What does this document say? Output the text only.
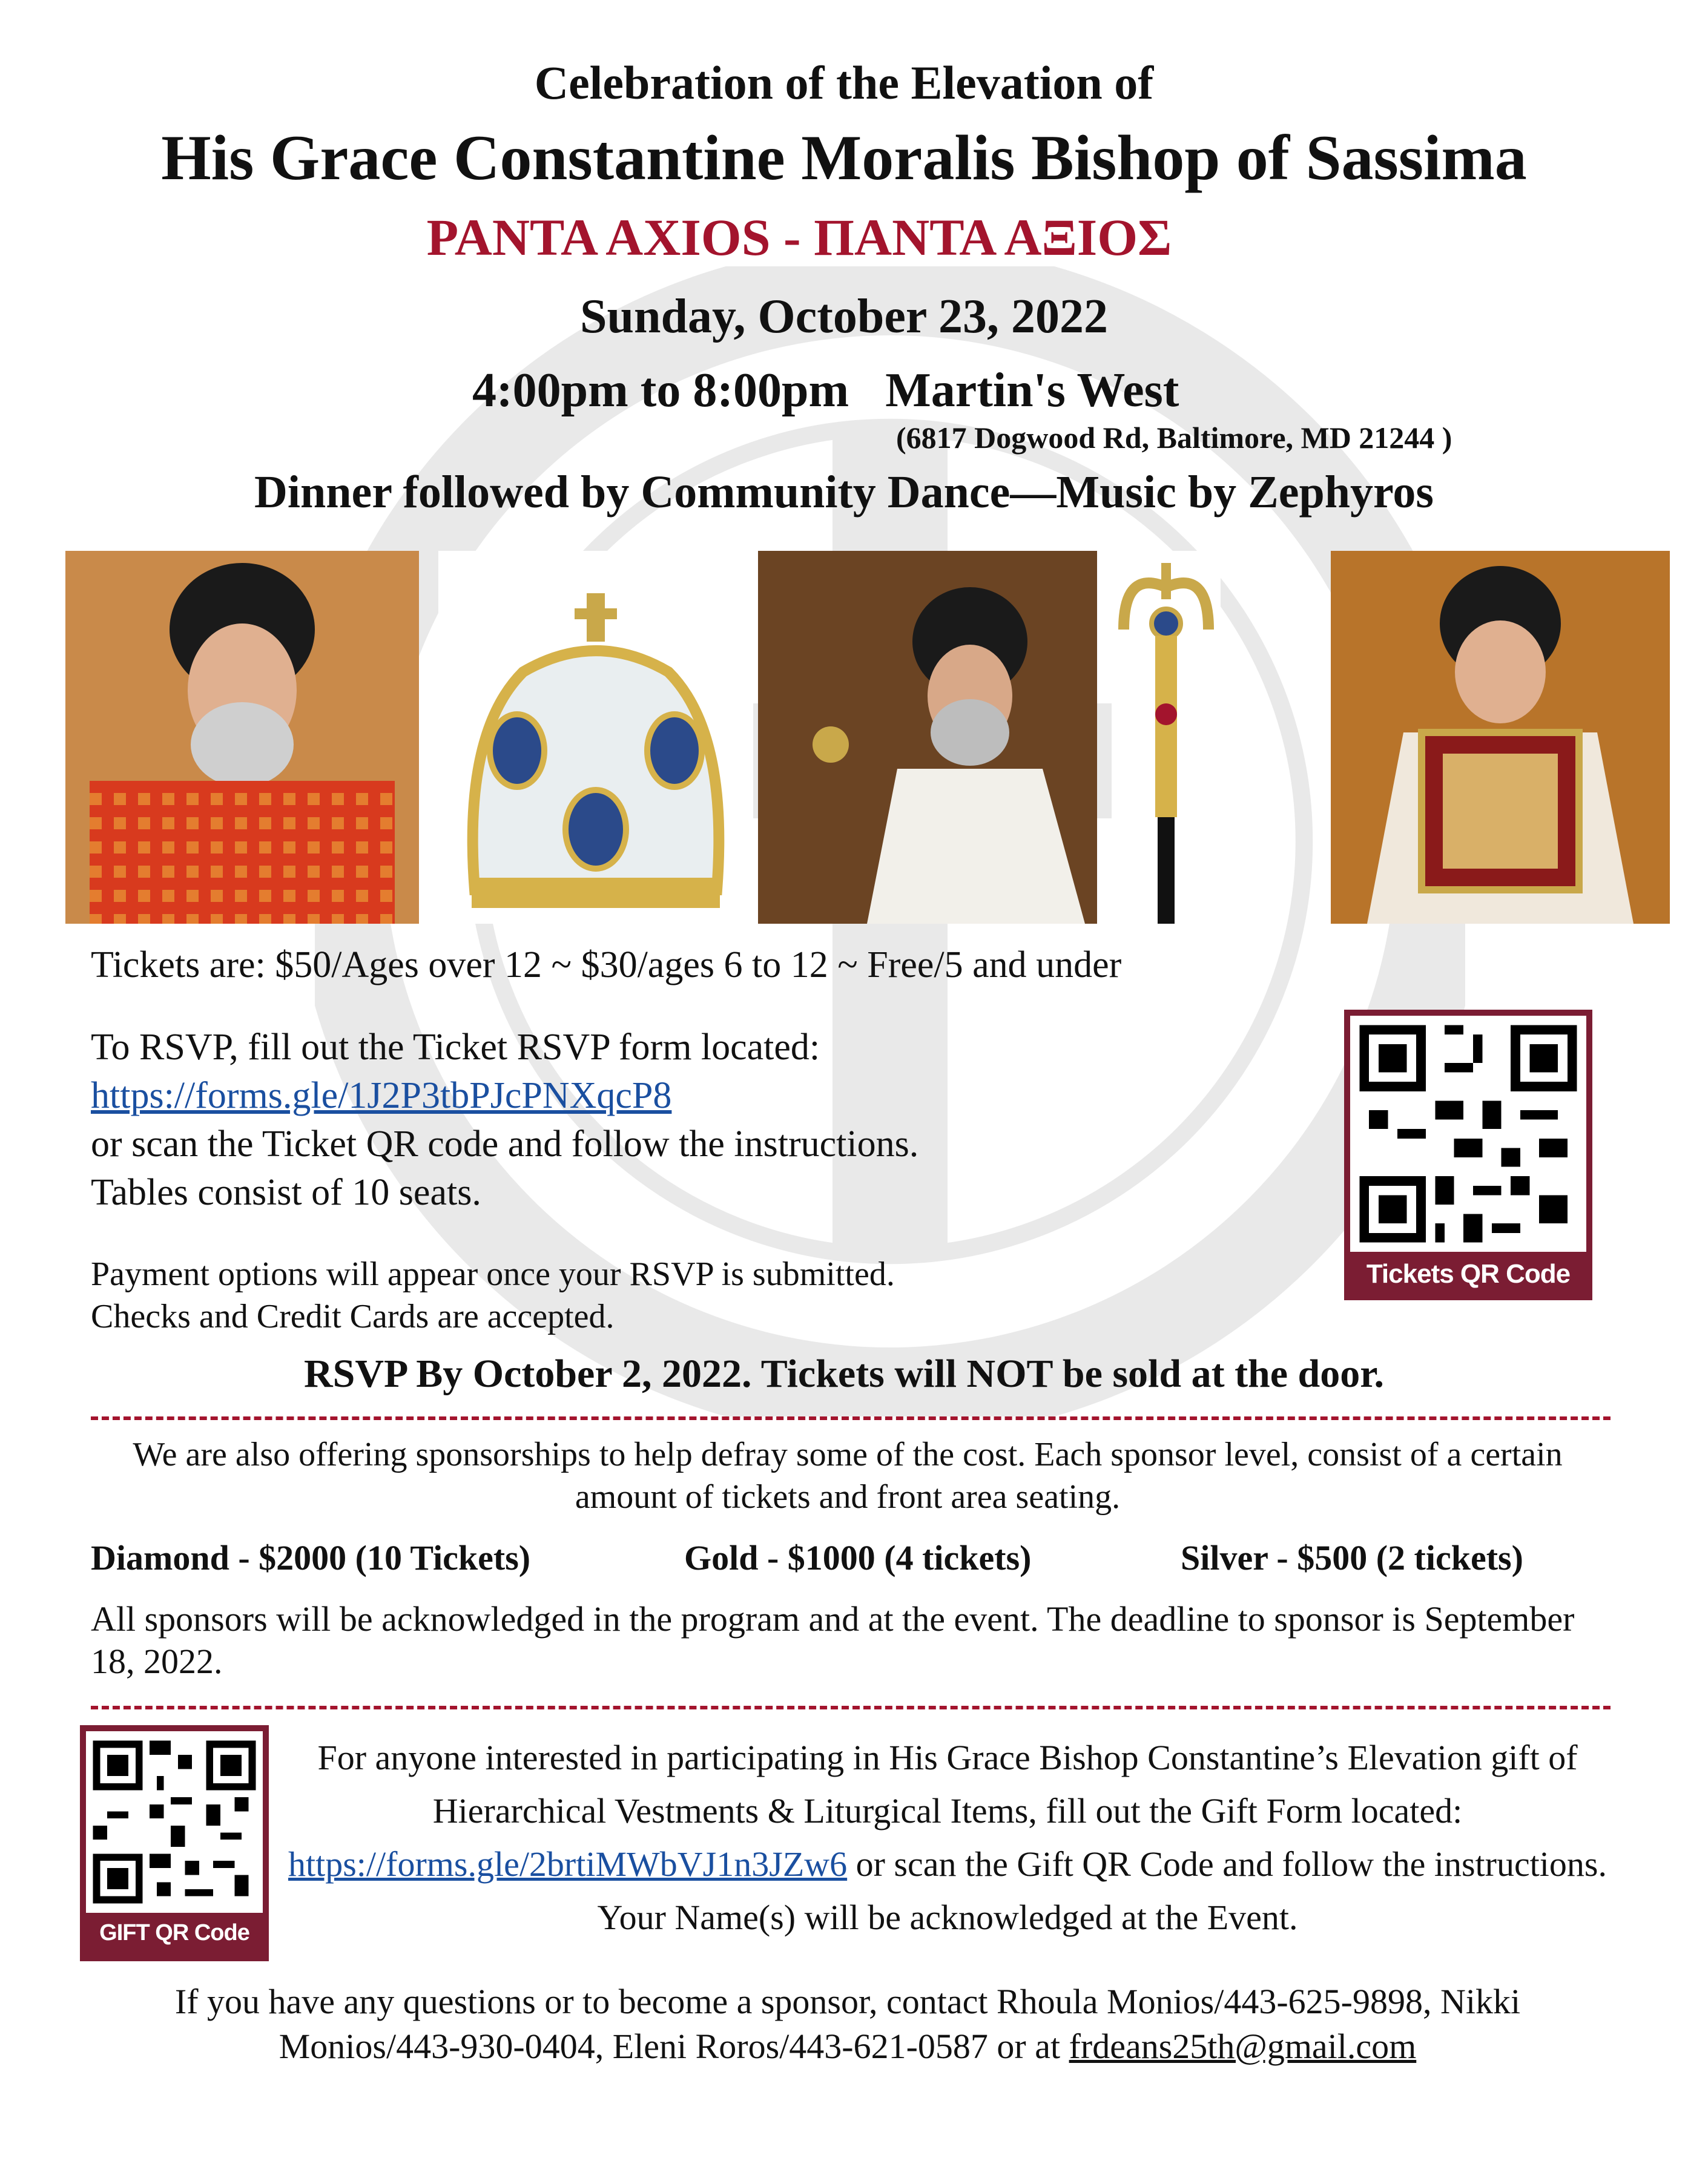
Celebration of the Elevation of
His Grace Constantine Moralis Bishop of Sassima
PANTA AXIOS - ΠΑΝΤΑ ΑΞΙΟΣ
Sunday, October 23, 2022
4:00pm to 8:00pm Martin's West
(6817 Dogwood Rd, Baltimore, MD 21244 )
Dinner followed by Community Dance—Music by Zephyros
Tickets are: $50/Ages over 12 ~ $30/ages 6 to 12 ~ Free/5 and under
To RSVP, fill out the Ticket RSVP form located:
https://forms.gle/1J2P3tbPJcPNXqcP8
or scan the Ticket QR code and follow the instructions.
Tables consist of 10 seats.
Payment options will appear once your RSVP is submitted.
Checks and Credit Cards are accepted.
RSVP By October 2, 2022. Tickets will NOT be sold at the door.
Tickets QR Code
We are also offering sponsorships to help defray some of the cost. Each sponsor level, consist of a certain amount of tickets and front area seating.
Diamond - $2000 (10 Tickets)	Gold - $1000 (4 tickets)	Silver - $500 (2 tickets)
All sponsors will be acknowledged in the program and at the event. The deadline to sponsor is September 18, 2022.
GIFT QR Code
For anyone interested in participating in His Grace Bishop Constantine’s Elevation gift of Hierarchical Vestments & Liturgical Items, fill out the Gift Form located: https://forms.gle/2brtiMWbVJ1n3JZw6 or scan the Gift QR Code and follow the instructions. Your Name(s) will be acknowledged at the Event.
If you have any questions or to become a sponsor, contact Rhoula Monios/443-625-9898, Nikki Monios/443-930-0404, Eleni Roros/443-621-0587 or at frdeans25th@gmail.com
